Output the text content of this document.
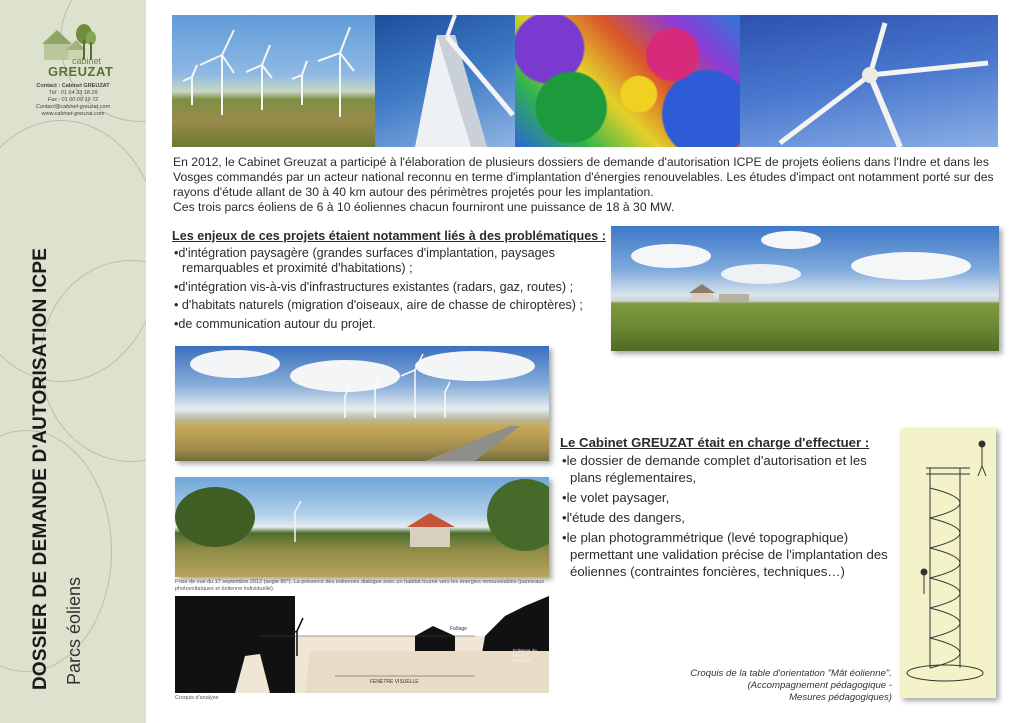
cabinet
GREUZAT
Contact : Cabinet GREUZAT
Tél : 01 64 33 18 29
Fax : 01 60 09 19 72
Contact@cabinet-greuzat.com
www.cabinet-greuzat.com
DOSSIER DE DEMANDE D'AUTORISATION ICPE Parcs éoliens

En 2012, le Cabinet Greuzat a participé à l'élaboration de plusieurs dossiers de demande d'autorisation ICPE de projets éoliens dans l'Indre et dans les Vosges commandés par un acteur national reconnu en terme d'implantation d'énergies renouvelables. Les études d'impact ont notamment porté sur des rayons d'étude allant de 30 à 40 km autour des périmètres projetés pour les implantation.

Ces trois parcs éoliens de 6 à 10 éoliennes chacun fourniront une puissance de 18 à 30 MW.

Les enjeux de ces projets étaient notamment liés à des problématiques :
•d'intégration paysagère (grandes surfaces d'implantation, paysages remarquables et proximité d'habitations) ;
•d'intégration vis-à-vis d'infrastructures existantes (radars, gaz, routes) ;
• d'habitats naturels (migration d'oiseaux, aire de chasse de chiroptères) ;
•de communication autour du projet.
Prise de vue du 17 septembre 2012 (angle 80°). La présence des éoliennes dialogue avec un habitat tourné vers les énergies renouvelables (panneaux photovoltaïques et éolienne individuelle).
Faîtage
FENETRE VISUELLE
Eolienne de hauteur d'horizon
Croquis d'analyse
Le Cabinet GREUZAT était en charge d'effectuer :
•le dossier de demande complet d'autorisation et les plans réglementaires,
•le volet paysager,
•l'étude des dangers,
•le plan photogrammétrique (levé topographique) permettant une validation précise de l'implantation des éoliennes (contraintes foncières, techniques…)
Croquis de la table d'orientation "Mât éolienne".
(Accompagnement pédagogique -
Mesures pédagogiques)
